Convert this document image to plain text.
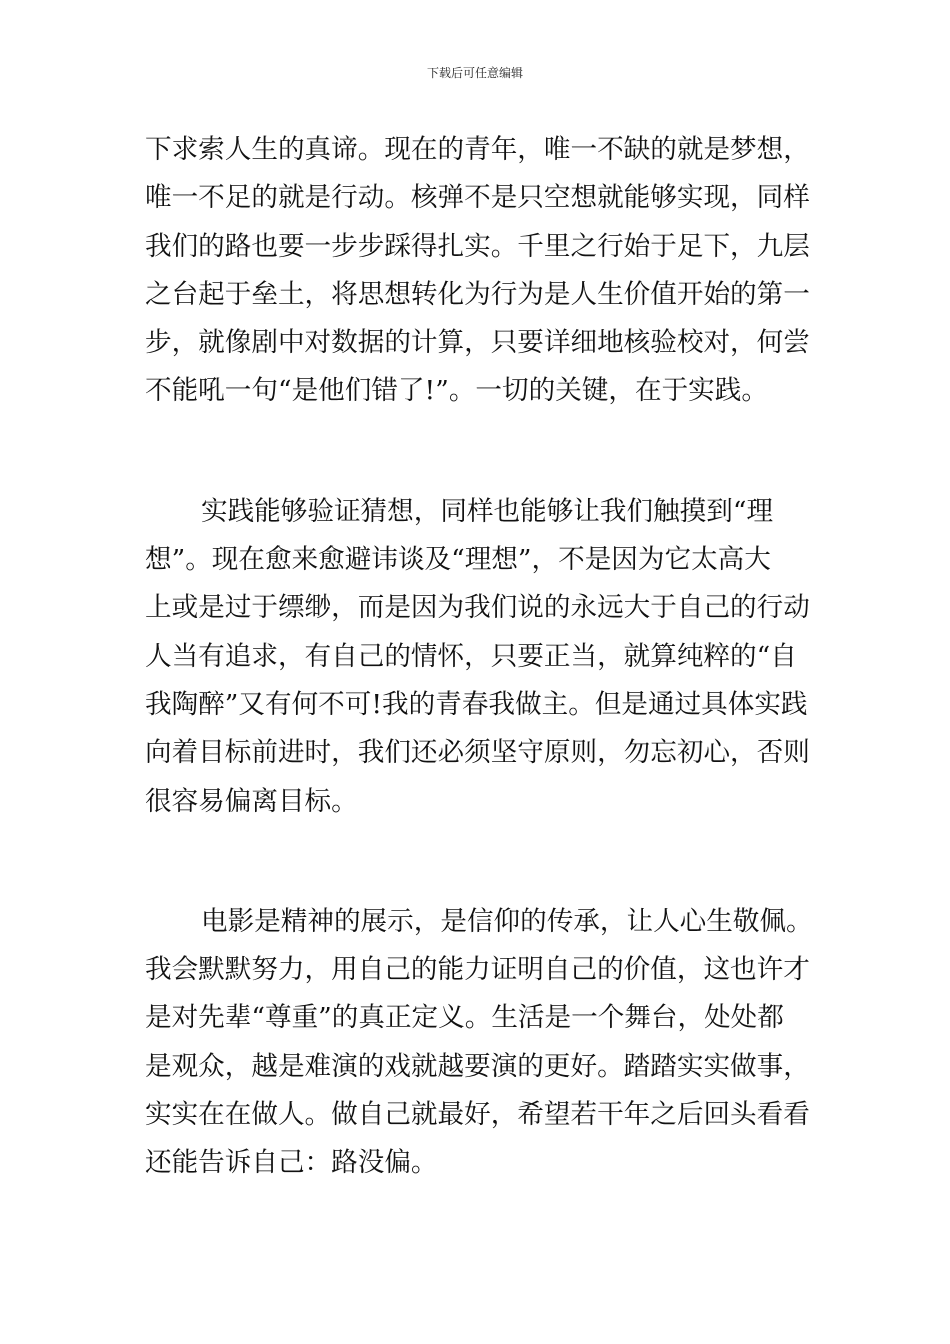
下载后可任意编辑
下求索人生的真谛。现在的青年，唯一不缺的就是梦想，
唯一不足的就是行动。核弹不是只空想就能够实现，同样
我们的路也要一步步踩得扎实。千里之行始于足下，九层
之台起于垒土，将思想转化为行为是人生价值开始的第一
步，就像剧中对数据的计算，只要详细地核验校对，何尝
不能吼一句“是他们错了!”。一切的关键，在于实践。
实践能够验证猜想，同样也能够让我们触摸到“理
想”。现在愈来愈避讳谈及“理想”，不是因为它太高大
上或是过于缥缈，而是因为我们说的永远大于自己的行动
人当有追求，有自己的情怀，只要正当，就算纯粹的“自
我陶醉”又有何不可!我的青春我做主。但是通过具体实践
向着目标前进时，我们还必须坚守原则，勿忘初心，否则
很容易偏离目标。
电影是精神的展示，是信仰的传承，让人心生敬佩。
我会默默努力，用自己的能力证明自己的价值，这也许才
是对先辈“尊重”的真正定义。生活是一个舞台，处处都
是观众，越是难演的戏就越要演的更好。踏踏实实做事，
实实在在做人。做自己就最好，希望若干年之后回头看看
还能告诉自己：路没偏。
